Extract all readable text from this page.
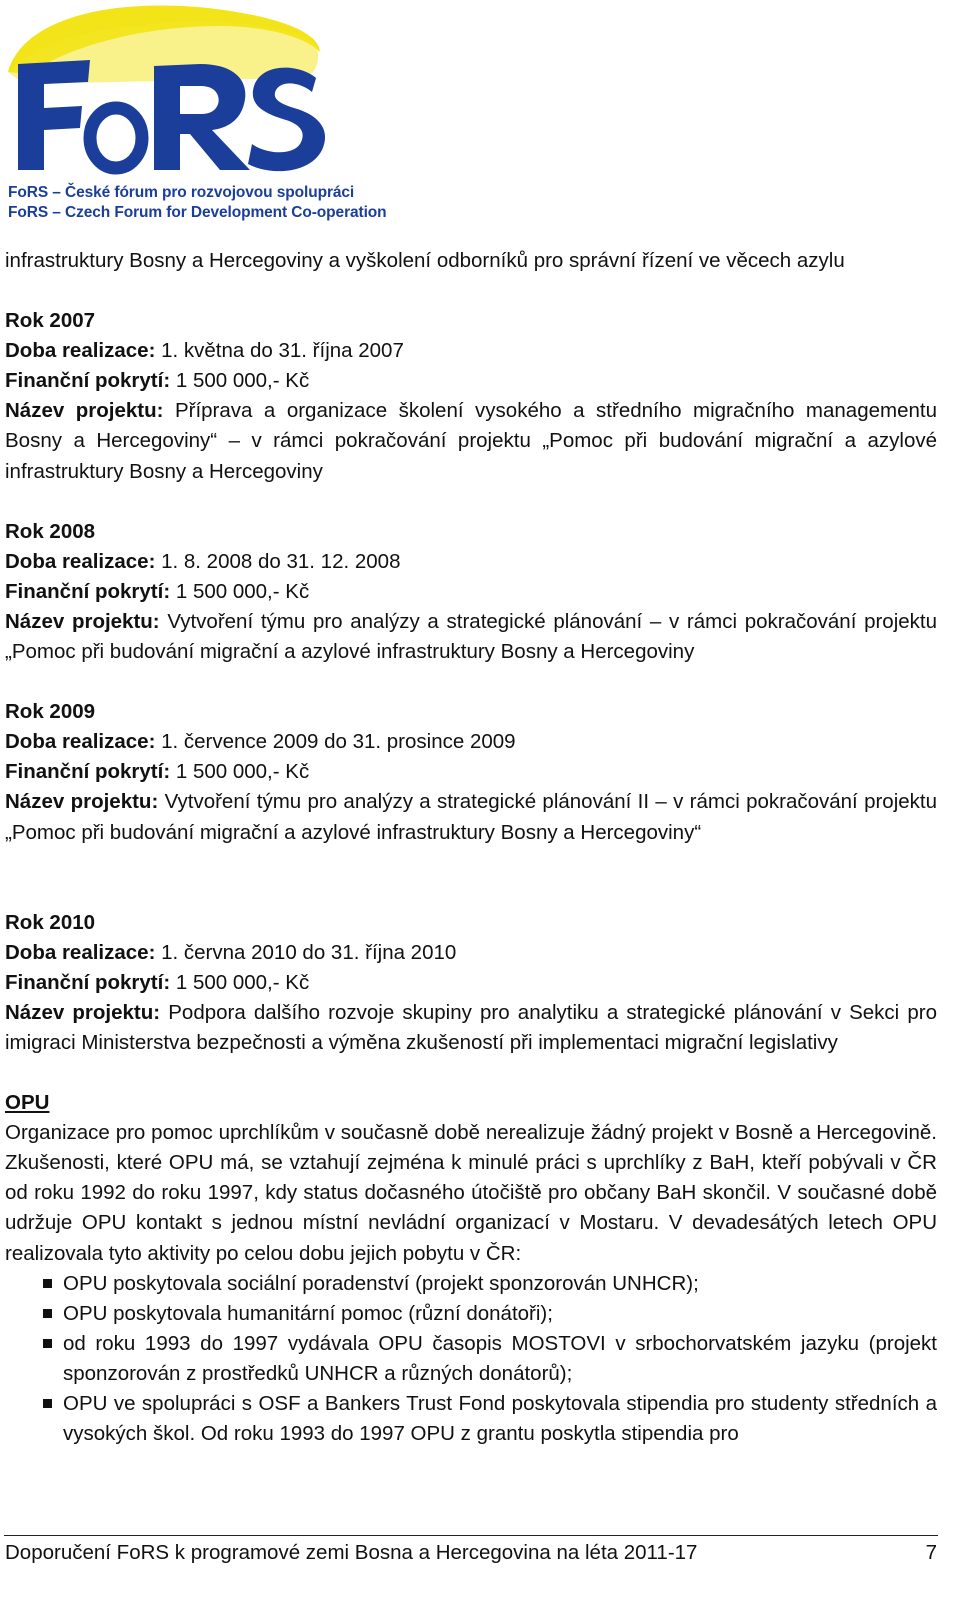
FoRS – České fórum pro rozvojovou spolupráci
FoRS – Czech Forum for Development Co-operation

infrastruktury Bosny a Hercegoviny a vyškolení odborníků pro správní řízení ve věcech azylu

Rok 2007

Doba realizace: 1. května do 31. října 2007

Finanční pokrytí: 1 500 000,- Kč

Název projektu: Příprava a organizace školení vysokého a středního migračního managementu Bosny a Hercegoviny“ – v rámci pokračování projektu „Pomoc při budování migrační a azylové infrastruktury Bosny a Hercegoviny

Rok 2008

Doba realizace: 1. 8. 2008 do 31. 12. 2008

Finanční pokrytí: 1 500 000,- Kč

Název projektu: Vytvoření týmu pro analýzy a strategické plánování – v rámci pokračování projektu „Pomoc při budování migrační a azylové infrastruktury Bosny a Hercegoviny

Rok 2009

Doba realizace: 1. července 2009 do 31. prosince 2009

Finanční pokrytí: 1 500 000,- Kč

Název projektu: Vytvoření týmu pro analýzy a strategické plánování II – v rámci pokračování projektu „Pomoc při budování migrační a azylové infrastruktury Bosny a Hercegoviny“

Rok 2010

Doba realizace: 1. června 2010 do 31. října 2010

Finanční pokrytí: 1 500 000,- Kč

Název projektu: Podpora dalšího rozvoje skupiny pro analytiku a strategické plánování v Sekci pro imigraci Ministerstva bezpečnosti a výměna zkušeností při implementaci migrační legislativy

OPU

Organizace pro pomoc uprchlíkům v současně době nerealizuje žádný projekt v Bosně a Hercegovině. Zkušenosti, které OPU má, se vztahují zejména k minulé práci s uprchlíky z BaH, kteří pobývali v ČR od roku 1992 do roku 1997, kdy status dočasného útočiště pro občany BaH skončil. V současné době udržuje OPU kontakt s jednou místní nevládní organizací v Mostaru. V devadesátých letech OPU realizovala tyto aktivity po celou dobu jejich pobytu v ČR:

OPU poskytovala sociální poradenství (projekt sponzorován UNHCR);
OPU poskytovala humanitární pomoc (různí donátoři);
od roku 1993 do 1997 vydávala OPU časopis MOSTOVI v srbochorvatském jazyku (projekt sponzorován z prostředků UNHCR a různých donátorů);
OPU ve spolupráci s OSF a Bankers Trust Fond poskytovala stipendia pro studenty středních a vysokých škol. Od roku 1993 do 1997 OPU z grantu poskytla stipendia pro
Doporučení FoRS k programové zemi Bosna a Hercegovina na léta 2011-17	7
